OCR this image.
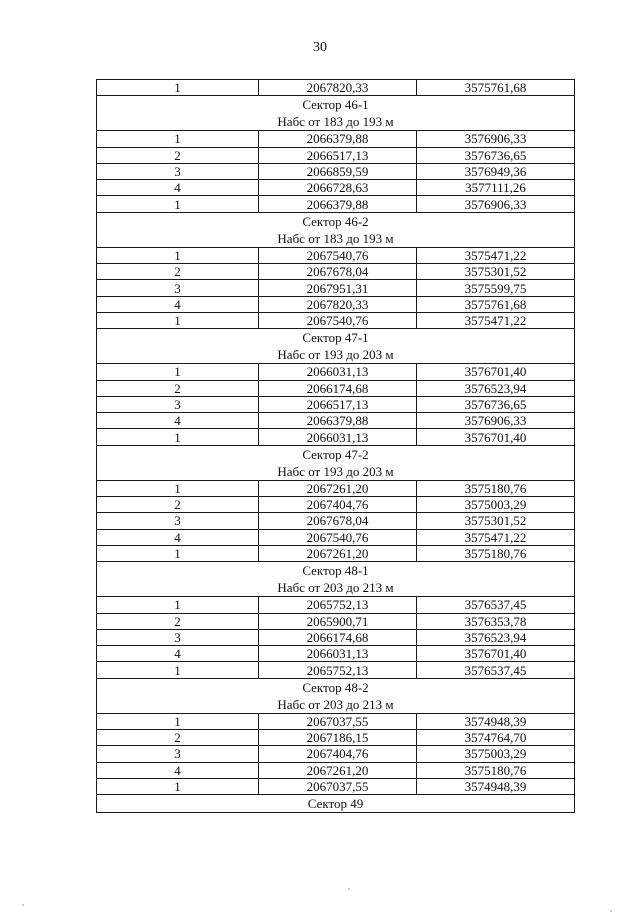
30
1	2067820,33	3575761,68

Сектор 46-1
Набс от 183 до 193 м		

1	2066379,88	3576906,33
2	2066517,13	3576736,65
3	2066859,59	3576949,36
4	2066728,63	3577111,26
1	2066379,88	3576906,33

Сектор 46-2
Набс от 183 до 193 м		

1	2067540,76	3575471,22
2	2067678,04	3575301,52
3	2067951,31	3575599,75
4	2067820,33	3575761,68
1	2067540,76	3575471,22

Сектор 47-1
Набс от 193 до 203 м		

1	2066031,13	3576701,40
2	2066174,68	3576523,94
3	2066517,13	3576736,65
4	2066379,88	3576906,33
1	2066031,13	3576701,40

Сектор 47-2
Набс от 193 до 203 м		

1	2067261,20	3575180,76
2	2067404,76	3575003,29
3	2067678,04	3575301,52
4	2067540,76	3575471,22
1	2067261,20	3575180,76

Сектор 48-1
Набс от 203 до 213 м		

1	2065752,13	3576537,45
2	2065900,71	3576353,78
3	2066174,68	3576523,94
4	2066031,13	3576701,40
1	2065752,13	3576537,45

Сектор 48-2
Набс от 203 до 213 м		

1	2067037,55	3574948,39
2	2067186,15	3574764,70
3	2067404,76	3575003,29
4	2067261,20	3575180,76
1	2067037,55	3574948,39

Сектор 49		
